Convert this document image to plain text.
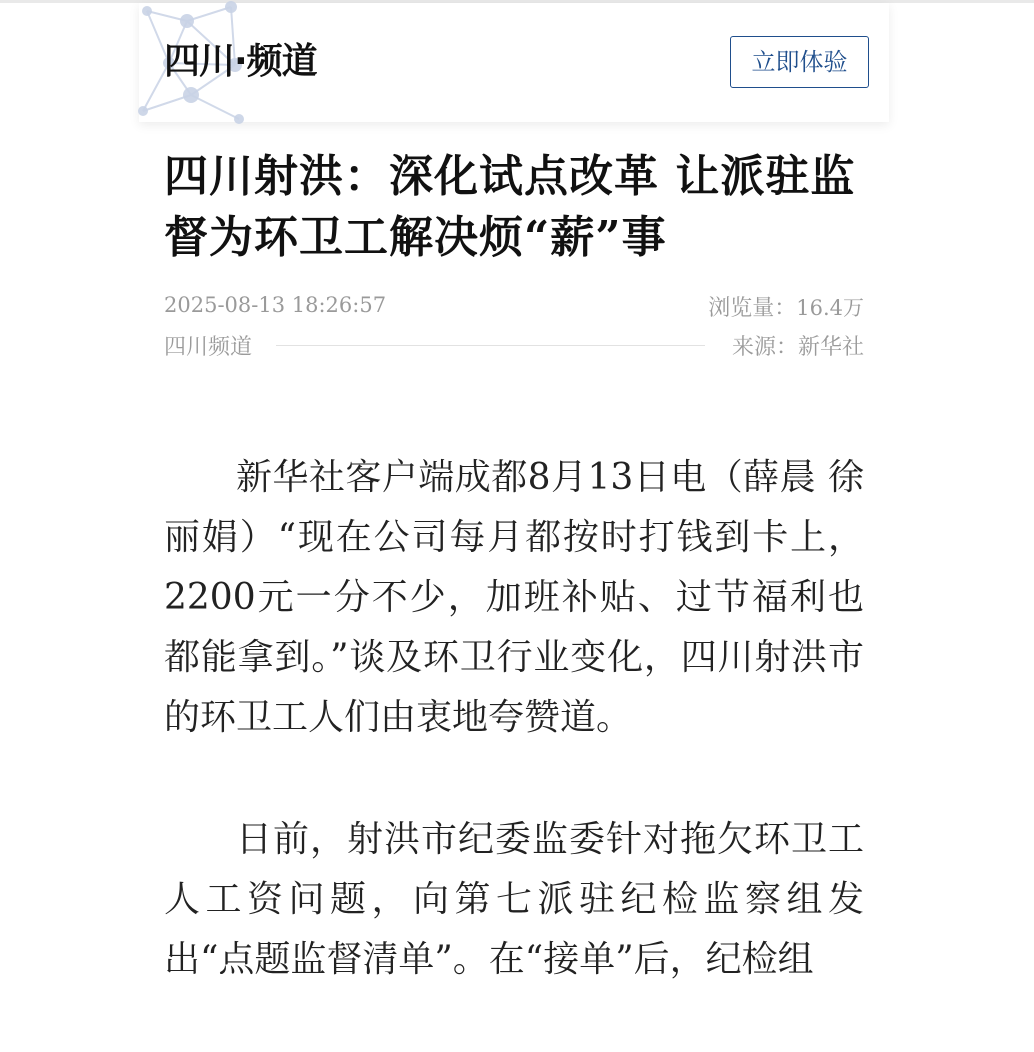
四川·频道	立即体验
四川射洪：深化试点改革 让派驻监督为环卫工解决烦“薪”事
2025-08-13 18:26:57	浏览量：16.4万
四川频道	来源：新华社

新华社客户端成都8月13日电（薛晨 徐丽娟）“现在公司每月都按时打钱到卡上，2200元一分不少，加班补贴、过节福利也都能拿到。”谈及环卫行业变化，四川射洪市的环卫工人们由衷地夸赞道。

日前，射洪市纪委监委针对拖欠环卫工人工资问题，向第七派驻纪检监察组发出“点题监督清单”。在“接单”后，纪检组
